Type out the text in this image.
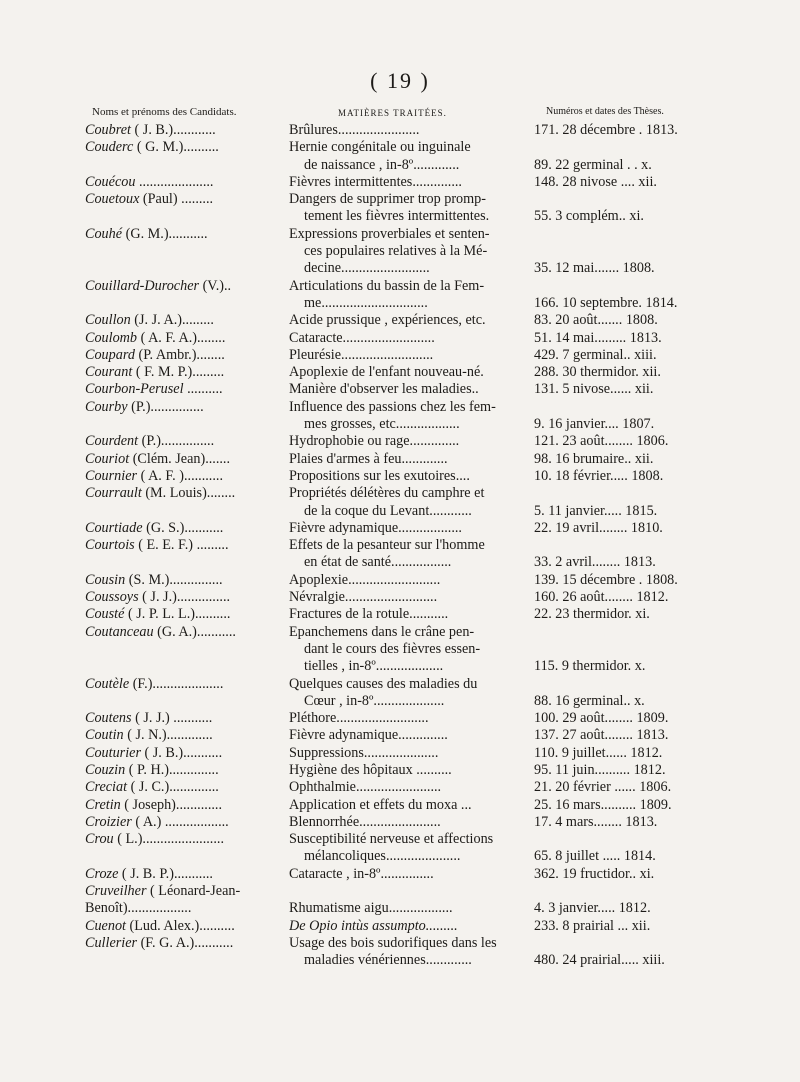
( 19 )
Noms et prénoms des Candidats.	MATIÈRES TRAITÉES.	Numéros et dates des Thèses.
Coubret ( J. B.)............	Brûlures.......................	171. 28 décembre . 1813.
Couderc ( G. M.)..........	Hernie congénitale ou inguinale
de naissance , in-8º.............	89. 22 germinal . . x.
Couécou .....................	Fièvres intermittentes..............	148. 28 nivose .... xii.
Couetoux (Paul) .........	Dangers de supprimer trop promp-
tement les fièvres intermittentes.	55. 3 complém.. xi.
Couhé (G. M.)...........	Expressions proverbiales et senten-
ces populaires relatives à la Mé-
decine.........................	35. 12 mai....... 1808.
Couillard-Durocher (V.)..	Articulations du bassin de la Fem-
me..............................	166. 10 septembre. 1814.
Coullon (J. J. A.).........	Acide prussique , expériences, etc.	83. 20 août....... 1808.
Coulomb ( A. F. A.)........	Cataracte..........................	51. 14 mai......... 1813.
Coupard (P. Ambr.)........	Pleurésie..........................	429. 7 germinal.. xiii.
Courant ( F. M. P.).........	Apoplexie de l'enfant nouveau-né.	288. 30 thermidor. xii.
Courbon-Perusel ..........	Manière d'observer les maladies..	131. 5 nivose...... xii.
Courby (P.)...............	Influence des passions chez les fem-
mes grosses, etc..................	9. 16 janvier.... 1807.
Courdent (P.)...............	Hydrophobie ou rage..............	121. 23 août........ 1806.
Couriot (Clém. Jean).......	Plaies d'armes à feu.............	98. 16 brumaire.. xii.
Cournier ( A. F. )...........	Propositions sur les exutoires....	10. 18 février..... 1808.
Courrault (M. Louis)........	Propriétés délétères du camphre et
de la coque du Levant............	5. 11 janvier..... 1815.
Courtiade (G. S.)...........	Fièvre adynamique..................	22. 19 avril........ 1810.
Courtois ( E. E. F.) .........	Effets de la pesanteur sur l'homme
en état de santé.................	33. 2 avril........ 1813.
Cousin (S. M.)...............	Apoplexie..........................	139. 15 décembre . 1808.
Coussoys ( J. J.)...............	Névralgie..........................	160. 26 août........ 1812.
Cousté ( J. P. L. L.)..........	Fractures de la rotule...........	22. 23 thermidor. xi.
Coutanceau (G. A.)...........	Epanchemens dans le crâne pen-
dant le cours des fièvres essen-
tielles , in-8º...................	115. 9 thermidor. x.
Coutèle (F.)....................	Quelques causes des maladies du
Cœur , in-8º....................	88. 16 germinal.. x.
Coutens ( J. J.) ...........	Pléthore..........................	100. 29 août........ 1809.
Coutin ( J. N.).............	Fièvre adynamique..............	137. 27 août........ 1813.
Couturier ( J. B.)...........	Suppressions.....................	110. 9 juillet...... 1812.
Couzin ( P. H.)..............	Hygiène des hôpitaux ..........	95. 11 juin.......... 1812.
Creciat ( J. C.)..............	Ophthalmie........................	21. 20 février ...... 1806.
Cretin ( Joseph).............	Application et effets du moxa ...	25. 16 mars.......... 1809.
Croizier ( A.) ..................	Blennorrhée.......................	17. 4 mars........ 1813.
Crou ( L.).......................	Susceptibilité nerveuse et affections
mélancoliques.....................	65. 8 juillet ..... 1814.
Croze ( J. B. P.)...........	Cataracte , in-8º...............	362. 19 fructidor.. xi.
Cruveilher ( Léonard-Jean-
Benoît)..................	Rhumatisme aigu..................	4. 3 janvier..... 1812.
Cuenot (Lud. Alex.)..........	De Opio intùs assumpto.........	233. 8 prairial ... xii.
Cullerier (F. G. A.)...........	Usage des bois sudorifiques dans les
maladies vénériennes.............	480. 24 prairial..... xiii.
